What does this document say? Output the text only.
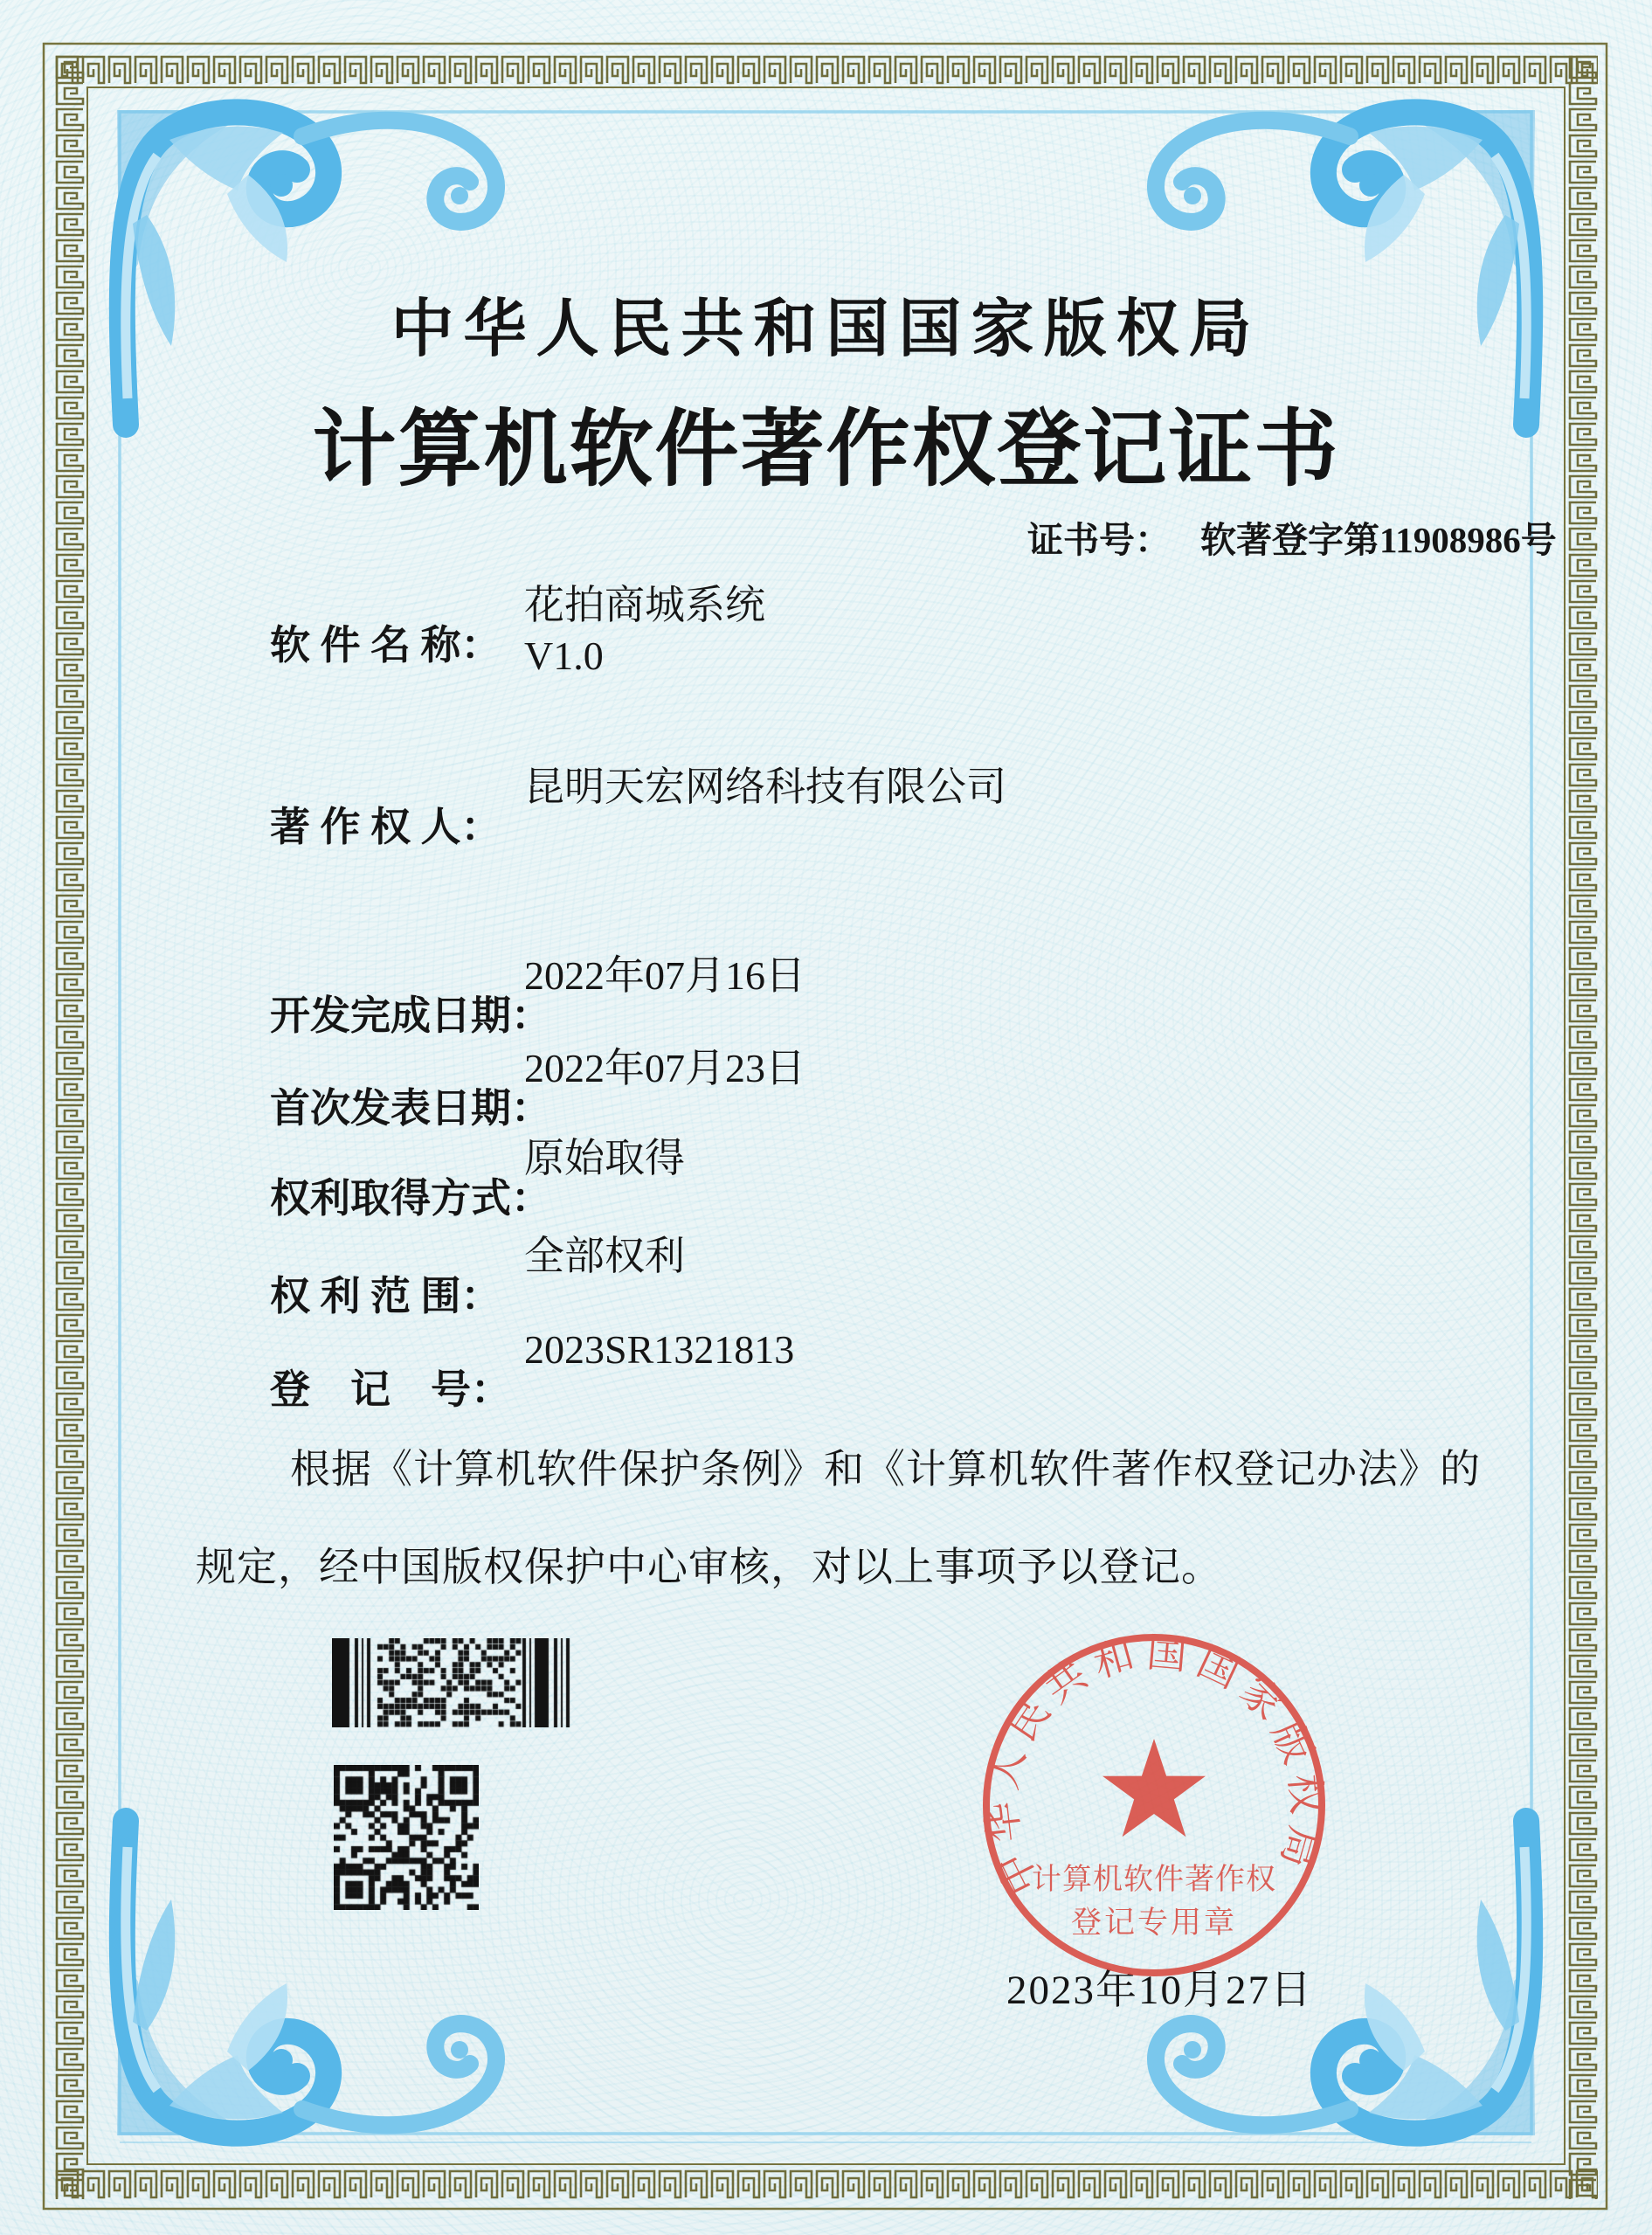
中华人民共和国国家版权局
计算机软件著作权登记证书
证书号： 软著登字第11908986号

软 件 名 称：

花拍商城系统

V1.0

著 作 权 人：

昆明天宏网络科技有限公司

开发完成日期：

2022年07月16日

首次发表日期：

2022年07月23日

权利取得方式：

原始取得

权 利 范 围：

全部权利

登　记　号：

2023SR1321813

根据《计算机软件保护条例》和《计算机软件著作权登记办法》的
规定，经中国版权保护中心审核，对以上事项予以登记。
2023年10月27日
中华人民共和国国家版权局
计算机软件著作权
登记专用章
